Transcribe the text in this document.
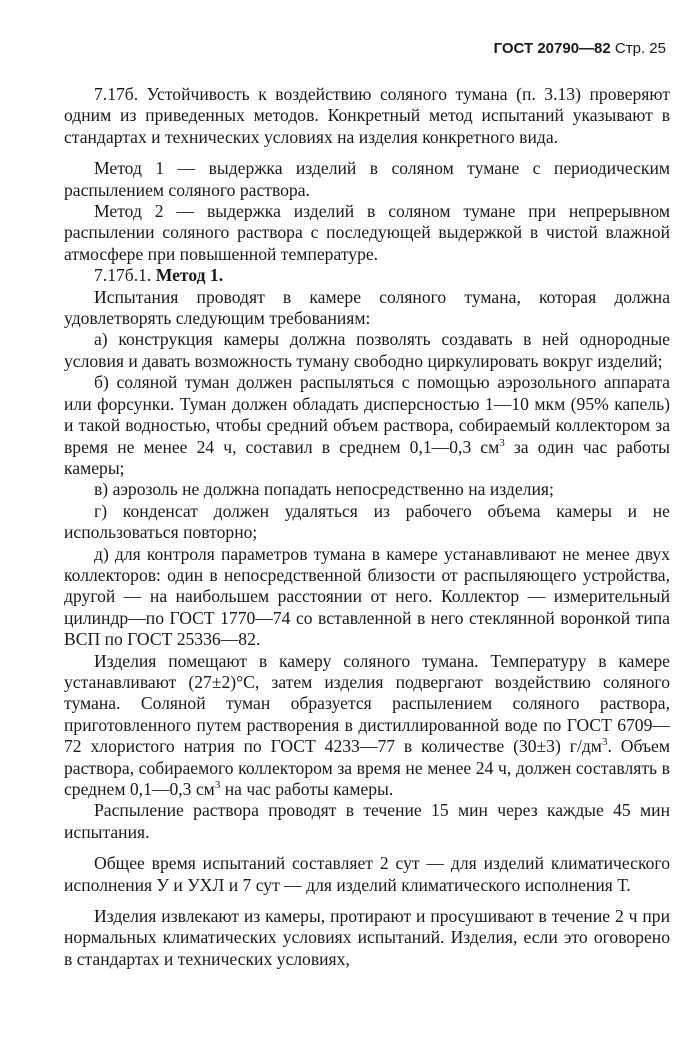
ГОСТ 20790—82 Стр. 25

7.17б. Устойчивость к воздействию соляного тумана (п. 3.13) проверяют одним из приведенных методов. Конкретный метод испытаний указывают в стандартах и технических условиях на изделия конкретного вида.

Метод 1 — выдержка изделий в соляном тумане с периодическим распылением соляного раствора.

Метод 2 — выдержка изделий в соляном тумане при непрерывном распылении соляного раствора с последующей выдержкой в чистой влажной атмосфере при повышенной температуре.

7.17б.1. Метод 1.

Испытания проводят в камере соляного тумана, которая должна удовлетворять следующим требованиям:

а) конструкция камеры должна позволять создавать в ней однородные условия и давать возможность туману свободно циркулировать вокруг изделий;

б) соляной туман должен распыляться с помощью аэрозольного аппарата или форсунки. Туман должен обладать дисперсностью 1—10 мкм (95% капель) и такой водностью, чтобы средний объем раствора, собираемый коллектором за время не менее 24 ч, составил в среднем 0,1—0,3 $см^3$ за один час работы камеры;

в) аэрозоль не должна попадать непосредственно на изделия;

г) конденсат должен удаляться из рабочего объема камеры и не использоваться повторно;

д) для контроля параметров тумана в камере устанавливают не менее двух коллекторов: один в непосредственной близости от распыляющего устройства, другой — на наибольшем расстоянии от него. Коллектор — измерительный цилиндр—по ГОСТ 1770—74 со вставленной в него стеклянной воронкой типа ВСП по ГОСТ 25336—82.

Изделия помещают в камеру соляного тумана. Температуру в камере устанавливают (27±2)°С, затем изделия подвергают воздействию соляного тумана. Соляной туман образуется распылением соляного раствора, приготовленного путем растворения в дистиллированной воде по ГОСТ 6709—72 хлористого натрия по ГОСТ 4233—77 в количестве (30±3) $г/дм^3$. Объем раствора, собираемого коллектором за время не менее 24 ч, должен составлять в среднем 0,1—0,3 $см^3$ на час работы камеры.

Распыление раствора проводят в течение 15 мин через каждые 45 мин испытания.

Общее время испытаний составляет 2 сут — для изделий климатического исполнения У и УХЛ и 7 сут — для изделий климатического исполнения Т.

Изделия извлекают из камеры, протирают и просушивают в течение 2 ч при нормальных климатических условиях испытаний. Изделия, если это оговорено в стандартах и технических условиях,
